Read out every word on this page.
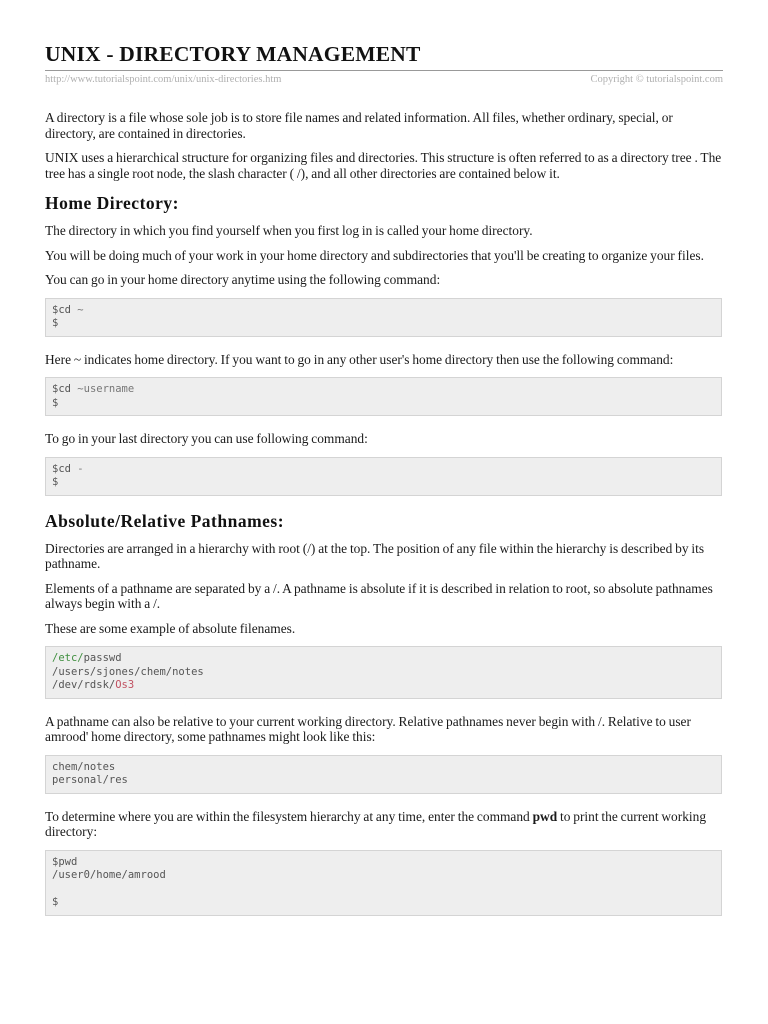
UNIX - DIRECTORY MANAGEMENT
http://www.tutorialspoint.com/unix/unix-directories.htm	Copyright © tutorialspoint.com

A directory is a file whose sole job is to store file names and related information. All files, whether ordinary, special, or directory, are contained in directories.

UNIX uses a hierarchical structure for organizing files and directories. This structure is often referred to as a directory tree . The tree has a single root node, the slash character ( /), and all other directories are contained below it.

Home Directory:

The directory in which you find yourself when you first log in is called your home directory.

You will be doing much of your work in your home directory and subdirectories that you'll be creating to organize your files.

You can go in your home directory anytime using the following command:

$cd ~
$

Here ~ indicates home directory. If you want to go in any other user's home directory then use the following command:

$cd ~username
$

To go in your last directory you can use following command:

$cd -
$
Absolute/Relative Pathnames:

Directories are arranged in a hierarchy with root (/) at the top. The position of any file within the hierarchy is described by its pathname.

Elements of a pathname are separated by a /. A pathname is absolute if it is described in relation to root, so absolute pathnames always begin with a /.

These are some example of absolute filenames.

/etc/passwd
/users/sjones/chem/notes
/dev/rdsk/Os3

A pathname can also be relative to your current working directory. Relative pathnames never begin with /. Relative to user amrood' home directory, some pathnames might look like this:

chem/notes
personal/res

To determine where you are within the filesystem hierarchy at any time, enter the command pwd to print the current working directory:

$pwd
/user0/home/amrood

$
